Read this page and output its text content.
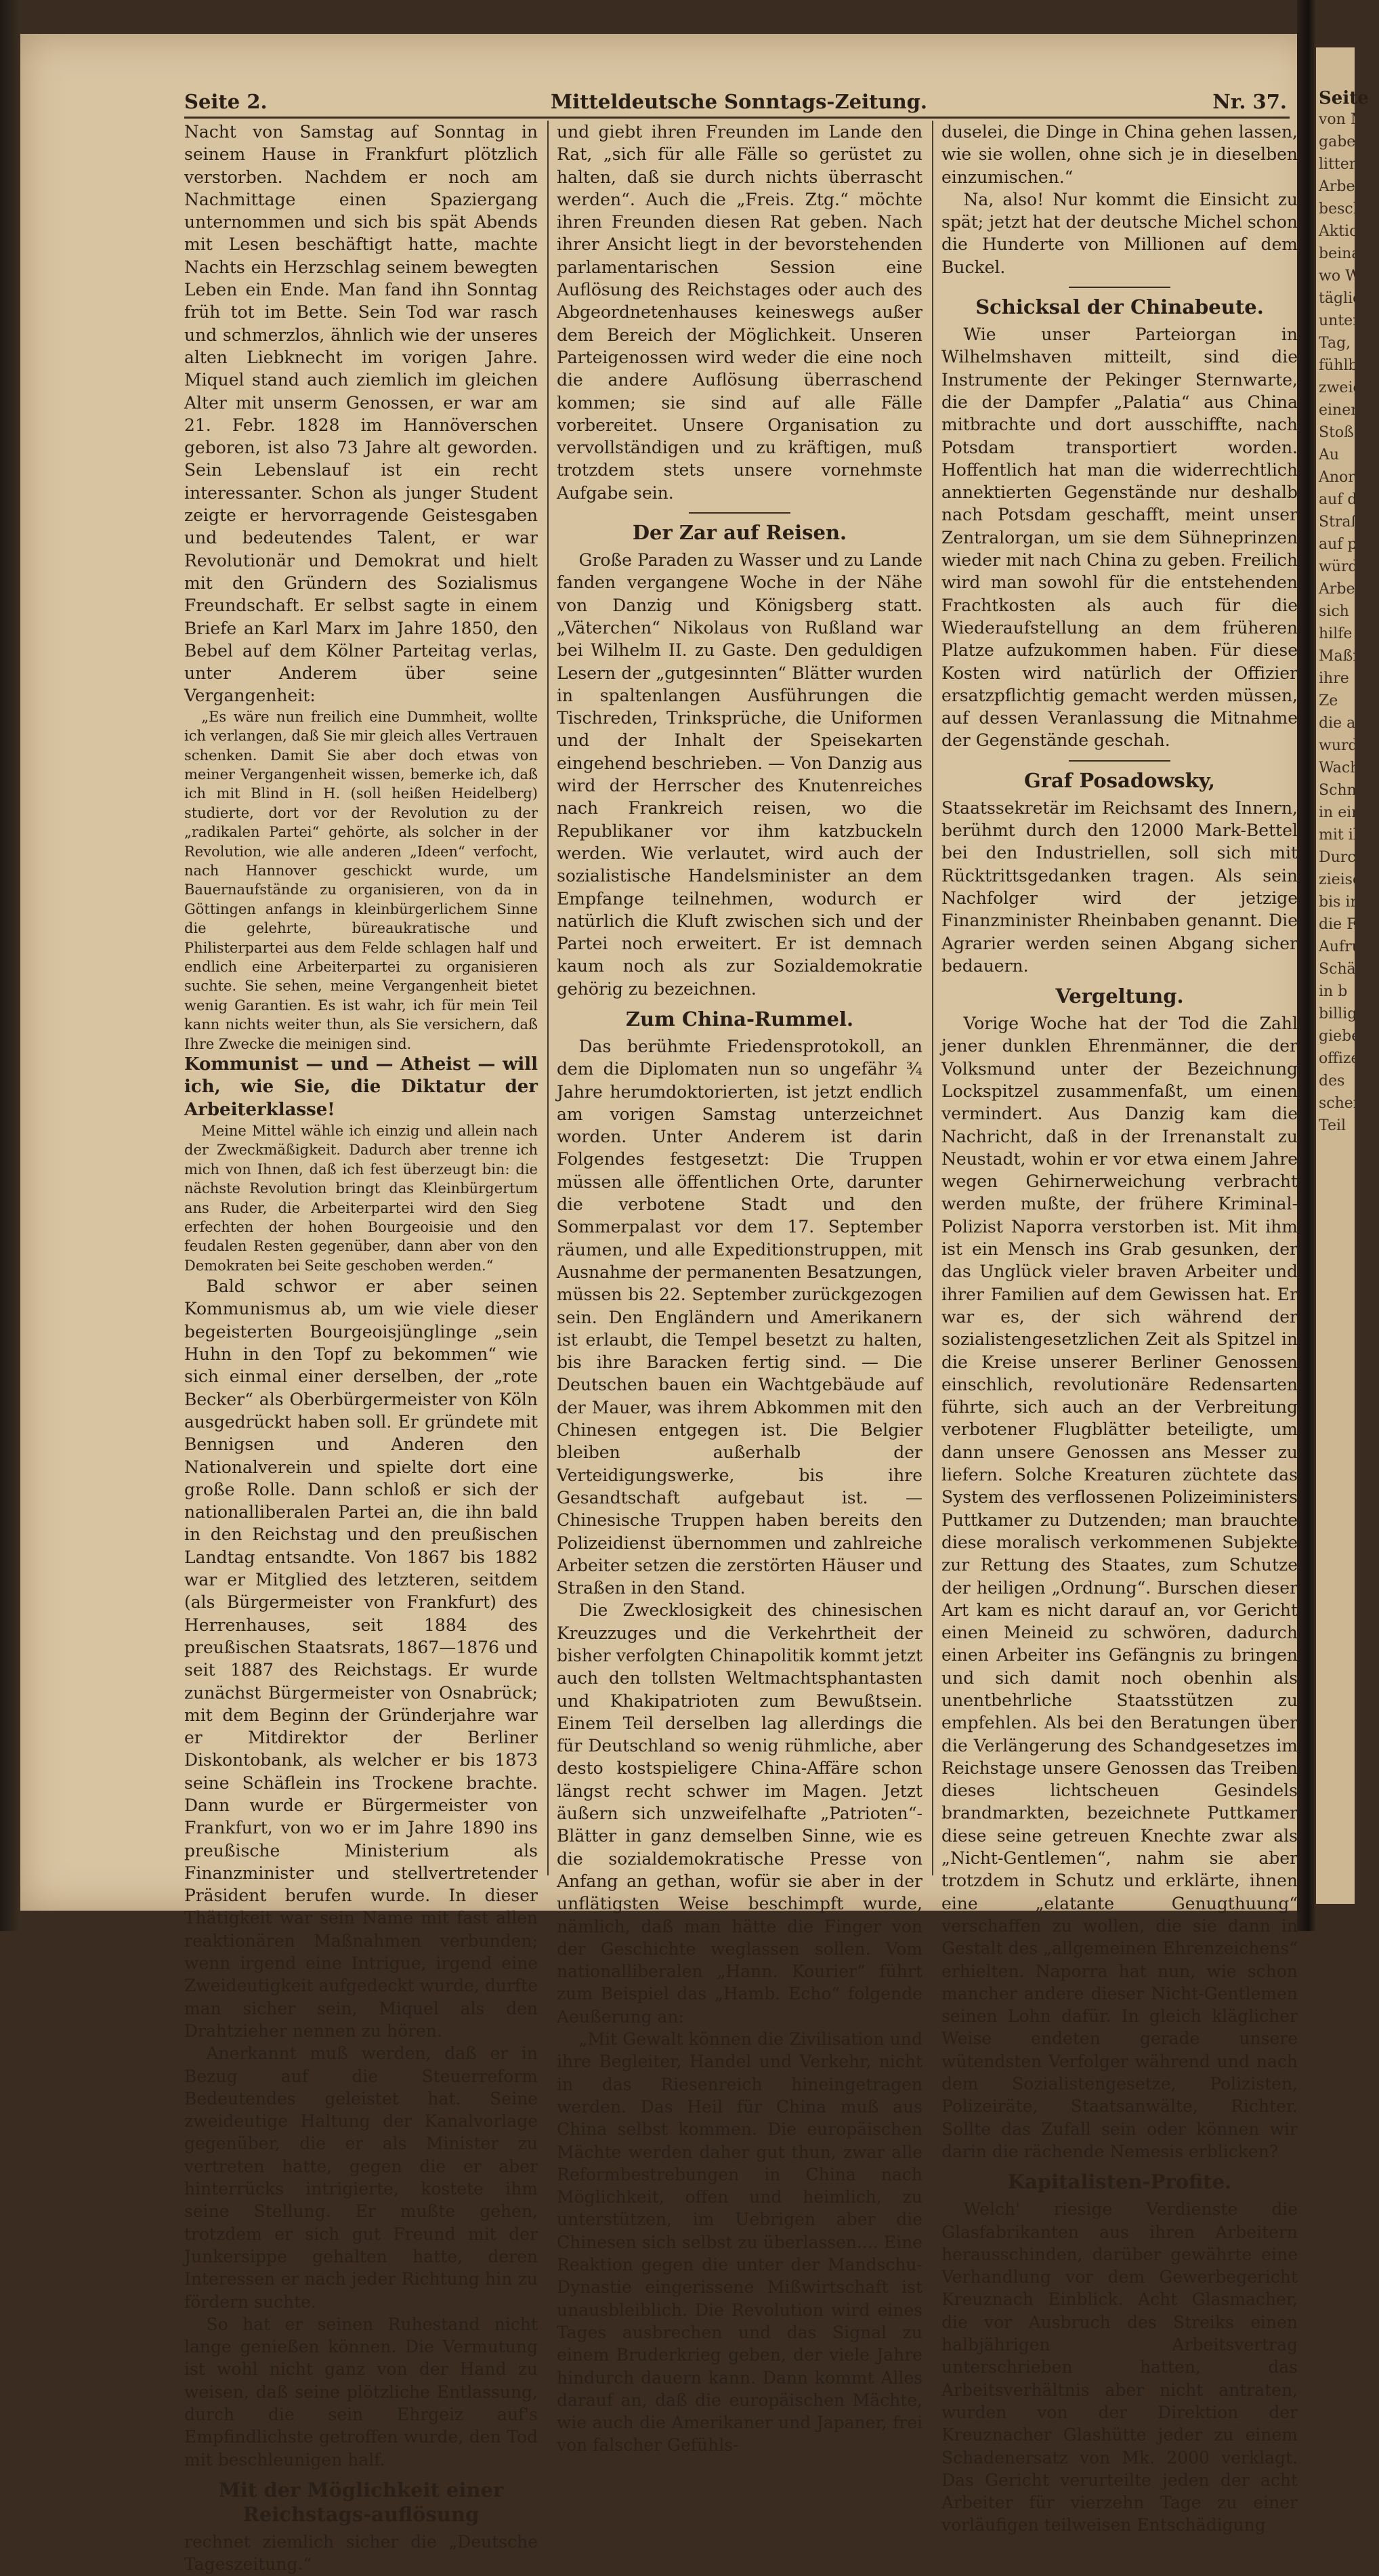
Seite
von M
gaben
litten
Arbeit
beschäf
Aktion
beinahe
wo W
täglich
unter
Tag,
fühlb
zweien
einem
Stoß
Au
Anordn
auf d
Straße
auf p
würden
Arbei
sich
hilfe
Maßr
ihre P
Ze
die al
wurde
Wacht
Schne
in ein
mit il
Durch
zieisch
bis in
die F
Aufru
Schäd
in b
billigt
gieben
offize
des
schen
Teil
Seite 2.	Mitteldeutsche Sonntags-Zeitung.	Nr. 37.

Nacht von Samstag auf Sonntag in seinem Hause in Frankfurt plötzlich verstorben. Nachdem er noch am Nachmittage einen Spaziergang unternommen und sich bis spät Abends mit Lesen beschäftigt hatte, machte Nachts ein Herzschlag seinem bewegten Leben ein Ende. Man fand ihn Sonntag früh tot im Bette. Sein Tod war rasch und schmerzlos, ähnlich wie der unseres alten Liebknecht im vorigen Jahre. Miquel stand auch ziemlich im gleichen Alter mit unserm Genossen, er war am 21. Febr. 1828 im Hannöverschen geboren, ist also 73 Jahre alt geworden. Sein Lebenslauf ist ein recht interessanter. Schon als junger Student zeigte er hervorragende Geistesgaben und bedeutendes Talent, er war Revolutionär und Demokrat und hielt mit den Gründern des Sozialismus Freundschaft. Er selbst sagte in einem Briefe an Karl Marx im Jahre 1850, den Bebel auf dem Kölner Parteitag verlas, unter Anderem über seine Vergangenheit:

„Es wäre nun freilich eine Dummheit, wollte ich verlangen, daß Sie mir gleich alles Vertrauen schenken. Damit Sie aber doch etwas von meiner Vergangenheit wissen, bemerke ich, daß ich mit Blind in H. (soll heißen Heidelberg) studierte, dort vor der Revolution zu der „radikalen Partei“ gehörte, als solcher in der Revolution, wie alle anderen „Ideen“ verfocht, nach Hannover geschickt wurde, um Bauernaufstände zu organisieren, von da in Göttingen anfangs in kleinbürgerlichem Sinne die gelehrte, büreaukratische und Philisterpartei aus dem Felde schlagen half und endlich eine Arbeiterpartei zu organisieren suchte. Sie sehen, meine Vergangenheit bietet wenig Garantien. Es ist wahr, ich für mein Teil kann nichts weiter thun, als Sie versichern, daß Ihre Zwecke die meinigen sind.

Kommunist — und — Atheist — will ich, wie Sie, die Diktatur der Arbeiterklasse!

Meine Mittel wähle ich einzig und allein nach der Zweckmäßigkeit. Dadurch aber trenne ich mich von Ihnen, daß ich fest überzeugt bin: die nächste Revolution bringt das Kleinbürgertum ans Ruder, die Arbeiterpartei wird den Sieg erfechten der hohen Bourgeoisie und den feudalen Resten gegenüber, dann aber von den Demokraten bei Seite geschoben werden.“

Bald schwor er aber seinen Kommunismus ab, um wie viele dieser begeisterten Bourgeoisjünglinge „sein Huhn in den Topf zu bekommen“ wie sich einmal einer derselben, der „rote Becker“ als Oberbürgermeister von Köln ausgedrückt haben soll. Er gründete mit Bennigsen und Anderen den Nationalverein und spielte dort eine große Rolle. Dann schloß er sich der nationalliberalen Partei an, die ihn bald in den Reichstag und den preußischen Landtag entsandte. Von 1867 bis 1882 war er Mitglied des letzteren, seitdem (als Bürgermeister von Frankfurt) des Herrenhauses, seit 1884 des preußischen Staatsrats, 1867—1876 und seit 1887 des Reichstags. Er wurde zunächst Bürgermeister von Osnabrück; mit dem Beginn der Gründerjahre war er Mitdirektor der Berliner Diskontobank, als welcher er bis 1873 seine Schäflein ins Trockene brachte. Dann wurde er Bürgermeister von Frankfurt, von wo er im Jahre 1890 ins preußische Ministerium als Finanzminister und stellvertretender Präsident berufen wurde. In dieser Thätigkeit war sein Name mit fast allen reaktionären Maßnahmen verbunden; wenn irgend eine Intrigue, irgend eine Zweideutigkeit aufgedeckt wurde, durfte man sicher sein, Miquel als den Drahtzieher nennen zu hören.

Anerkannt muß werden, daß er in Bezug auf die Steuerreform Bedeutendes geleistet hat. Seine zweideutige Haltung der Kanalvorlage gegenüber, die er als Minister zu vertreten hatte, gegen die er aber hinterrücks intrigierte, kostete ihm seine Stellung. Er mußte gehen, trotzdem er sich gut Freund mit der Junkersippe gehalten hatte, deren Interessen er nach jeder Richtung hin zu fördern suchte.

So hat er seinen Ruhestand nicht lange genießen können. Die Vermutung ist wohl nicht ganz von der Hand zu weisen, daß seine plötzliche Entlassung, durch die sein Ehrgeiz auf's Empfindlichste getroffen wurde, den Tod mit beschleunigen half.

Mit der Möglichkeit einer Reichstags-auflösung

rechnet ziemlich sicher die „Deutsche Tageszeitung.“

und giebt ihren Freunden im Lande den Rat, „sich für alle Fälle so gerüstet zu halten, daß sie durch nichts überrascht werden“. Auch die „Freis. Ztg.“ möchte ihren Freunden diesen Rat geben. Nach ihrer Ansicht liegt in der bevorstehenden parlamentarischen Session eine Auflösung des Reichstages oder auch des Abgeordnetenhauses keineswegs außer dem Bereich der Möglichkeit. Unseren Parteigenossen wird weder die eine noch die andere Auflösung überraschend kommen; sie sind auf alle Fälle vorbereitet. Unsere Organisation zu vervollständigen und zu kräftigen, muß trotzdem stets unsere vornehmste Aufgabe sein.

Der Zar auf Reisen.

Große Paraden zu Wasser und zu Lande fanden vergangene Woche in der Nähe von Danzig und Königsberg statt. „Väterchen“ Nikolaus von Rußland war bei Wilhelm II. zu Gaste. Den geduldigen Lesern der „gutgesinnten“ Blätter wurden in spaltenlangen Ausführungen die Tischreden, Trinksprüche, die Uniformen und der Inhalt der Speisekarten eingehend beschrieben. — Von Danzig aus wird der Herrscher des Knutenreiches nach Frankreich reisen, wo die Republikaner vor ihm katzbuckeln werden. Wie verlautet, wird auch der sozialistische Handelsminister an dem Empfange teilnehmen, wodurch er natürlich die Kluft zwischen sich und der Partei noch erweitert. Er ist demnach kaum noch als zur Sozialdemokratie gehörig zu bezeichnen.

Zum China-Rummel.

Das berühmte Friedensprotokoll, an dem die Diplomaten nun so ungefähr ¾ Jahre herumdoktorierten, ist jetzt endlich am vorigen Samstag unterzeichnet worden. Unter Anderem ist darin Folgendes festgesetzt: Die Truppen müssen alle öffentlichen Orte, darunter die verbotene Stadt und den Sommerpalast vor dem 17. September räumen, und alle Expeditionstruppen, mit Ausnahme der permanenten Besatzungen, müssen bis 22. September zurückgezogen sein. Den Engländern und Amerikanern ist erlaubt, die Tempel besetzt zu halten, bis ihre Baracken fertig sind. — Die Deutschen bauen ein Wachtgebäude auf der Mauer, was ihrem Abkommen mit den Chinesen entgegen ist. Die Belgier bleiben außerhalb der Verteidigungswerke, bis ihre Gesandtschaft aufgebaut ist. — Chinesische Truppen haben bereits den Polizeidienst übernommen und zahlreiche Arbeiter setzen die zerstörten Häuser und Straßen in den Stand.

Die Zwecklosigkeit des chinesischen Kreuzzuges und die Verkehrtheit der bisher verfolgten Chinapolitik kommt jetzt auch den tollsten Weltmachtsphantasten und Khakipatrioten zum Bewußtsein. Einem Teil derselben lag allerdings die für Deutschland so wenig rühmliche, aber desto kostspieligere China-Affäre schon längst recht schwer im Magen. Jetzt äußern sich unzweifelhafte „Patrioten“-Blätter in ganz demselben Sinne, wie es die sozialdemokratische Presse von Anfang an gethan, wofür sie aber in der unflätigsten Weise beschimpft wurde, nämlich, daß man hätte die Finger von der Geschichte weglassen sollen. Vom nationalliberalen „Hann. Kourier“ führt zum Beispiel das „Hamb. Echo“ folgende Aeußerung an:

„Mit Gewalt können die Zivilisation und ihre Begleiter, Handel und Verkehr, nicht in das Riesenreich hineingetragen werden. Das Heil für China muß aus China selbst kommen. Die europäischen Mächte werden daher gut thun, zwar alle Reformbestrebungen in China nach Möglichkeit, offen und heimlich, zu unterstützen, im Uebrigen aber die Chinesen sich selbst zu überlassen.... Eine Reaktion gegen die unter der Mandschu-Dynastie eingerissene Mißwirtschaft ist unausbleiblich. Die Revolution wird eines Tages ausbrechen und das Signal zu einem Bruderkrieg geben, der viele Jahre hindurch dauern kann. Dann kommt Alles darauf an, daß die europäischen Mächte, wie auch die Amerikaner und Japaner, frei von falscher Gefühls-

duselei, die Dinge in China gehen lassen, wie sie wollen, ohne sich je in dieselben einzumischen.“

Na, also! Nur kommt die Einsicht zu spät; jetzt hat der deutsche Michel schon die Hunderte von Millionen auf dem Buckel.

Schicksal der Chinabeute.

Wie unser Parteiorgan in Wilhelmshaven mitteilt, sind die Instrumente der Pekinger Sternwarte, die der Dampfer „Palatia“ aus China mitbrachte und dort ausschiffte, nach Potsdam transportiert worden. Hoffentlich hat man die widerrechtlich annektierten Gegenstände nur deshalb nach Potsdam geschafft, meint unser Zentralorgan, um sie dem Sühneprinzen wieder mit nach China zu geben. Freilich wird man sowohl für die entstehenden Frachtkosten als auch für die Wiederaufstellung an dem früheren Platze aufzukommen haben. Für diese Kosten wird natürlich der Offizier ersatzpflichtig gemacht werden müssen, auf dessen Veranlassung die Mitnahme der Gegenstände geschah.

Graf Posadowsky,

Staatssekretär im Reichsamt des Innern, berühmt durch den 12000 Mark-Bettel bei den Industriellen, soll sich mit Rücktrittsgedanken tragen. Als sein Nachfolger wird der jetzige Finanzminister Rheinbaben genannt. Die Agrarier werden seinen Abgang sicher bedauern.

Vergeltung.

Vorige Woche hat der Tod die Zahl jener dunklen Ehrenmänner, die der Volksmund unter der Bezeichnung Lockspitzel zusammenfaßt, um einen vermindert. Aus Danzig kam die Nachricht, daß in der Irrenanstalt zu Neustadt, wohin er vor etwa einem Jahre wegen Gehirnerweichung verbracht werden mußte, der frühere Kriminal-Polizist Naporra verstorben ist. Mit ihm ist ein Mensch ins Grab gesunken, der das Unglück vieler braven Arbeiter und ihrer Familien auf dem Gewissen hat. Er war es, der sich während der sozialistengesetzlichen Zeit als Spitzel in die Kreise unserer Berliner Genossen einschlich, revolutionäre Redensarten führte, sich auch an der Verbreitung verbotener Flugblätter beteiligte, um dann unsere Genossen ans Messer zu liefern. Solche Kreaturen züchtete das System des verflossenen Polizeiministers Puttkamer zu Dutzenden; man brauchte diese moralisch verkommenen Subjekte zur Rettung des Staates, zum Schutze der heiligen „Ordnung“. Burschen dieser Art kam es nicht darauf an, vor Gericht einen Meineid zu schwören, dadurch einen Arbeiter ins Gefängnis zu bringen und sich damit noch obenhin als unentbehrliche Staatsstützen zu empfehlen. Als bei den Beratungen über die Verlängerung des Schandgesetzes im Reichstage unsere Genossen das Treiben dieses lichtscheuen Gesindels brandmarkten, bezeichnete Puttkamer diese seine getreuen Knechte zwar als „Nicht-Gentlemen“, nahm sie aber trotzdem in Schutz und erklärte, ihnen eine „elatante Genugthuung“ verschaffen zu wollen, die sie dann in Gestalt des „allgemeinen Ehrenzeichens“ erhielten. Naporra hat nun, wie schon mancher andere dieser Nicht-Gentlemen seinen Lohn dafür. In gleich kläglicher Weise endeten gerade unsere wütendsten Verfolger während und nach dem Sozialistengesetze, Polizisten, Polizeiräte, Staatsanwälte, Richter. Sollte das Zufall sein oder können wir darin die rächende Nemesis erblicken?

Kapitalisten-Profite.

Welch' riesige Verdienste die Glasfabrikanten aus ihren Arbeitern herausschinden, darüber gewährte eine Verhandlung vor dem Gewerbegericht Kreuznach Einblick. Acht Glasmacher, die vor Ausbruch des Streiks einen halbjährigen Arbeitsvertrag unterschrieben hatten, das Arbeitsverhältnis aber nicht antraten, wurden von der Direktion der Kreuznacher Glashütte jeder zu einem Schadenersatz von Mk. 2000 verklagt. Das Gericht verurteilte jeden der acht Arbeiter für vierzehn Tage zu einer vorläufigen teilweisen Entschädigung
